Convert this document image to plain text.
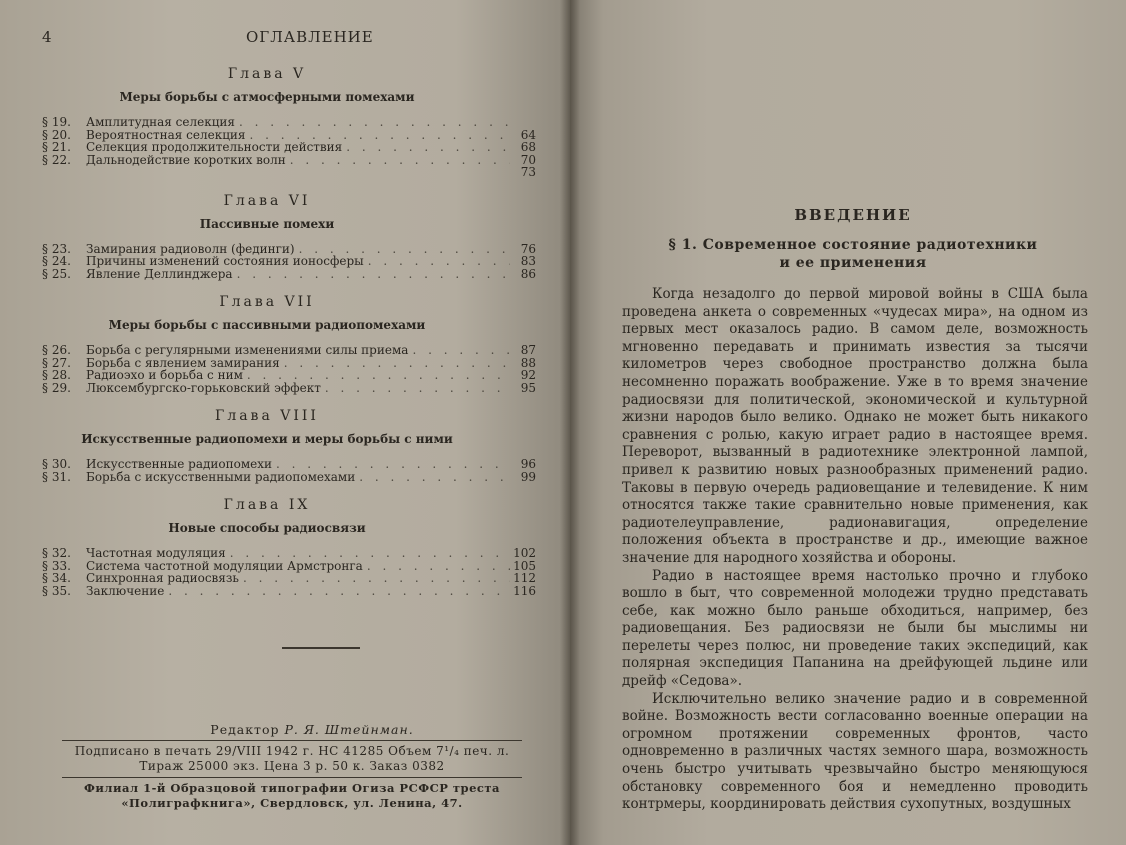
4	ОГЛАВЛЕНИЕ
Глава V
Меры борьбы с атмосферными помехами
§ 19.	Амплитудная селекция
. . .
§ 20.	Вероятностная селекция . . .	64
§ 21.	Селекция продолжительности действия . . .	68
§ 22.	Дальнодействие коротких волн . . .	70
73
Глава VI
Пассивные помехи
§ 23.	Замирания радиоволн (фединги) . . .	76
§ 24.	Причины изменений состояния ионосферы . . .	83
§ 25.	Явление Деллинджера . . .	86
Глава VII
Меры борьбы с пассивными радиопомехами
§ 26.	Борьба с регулярными изменениями силы приема . . .	87
§ 27.	Борьба с явлением замирания . . .	88
§ 28.	Радиоэхо и борьба с ним . . .	92
§ 29.	Люксембургско-горьковский эффект . . .	95
Глава VIII
Искусственные радиопомехи и меры борьбы с ними
§ 30.	Искусственные радиопомехи . . .	96
§ 31.	Борьба с искусственными радиопомехами . . .	99
Глава IX
Новые способы радиосвязи
§ 32.	Частотная модуляция . . .	102
§ 33.	Система частотной модуляции Армстронга . . .	105
§ 34.	Синхронная радиосвязь . . .	112
§ 35.	Заключение . . .	116
Редактор Р. Я. Штейнман.
Подписано в печать 29/VIII 1942 г. НС 41285 Объем 7¹/₄ печ. л.
Тираж 25000 экз. Цена 3 р. 50 к. Заказ 0382
Филиал 1-й Образцовой типографии Огиза РСФСР треста
«Полиграфкнига», Свердловск, ул. Ленина, 47.
ВВЕДЕНИЕ
§ 1. Современное состояние радиотехники
и ее применения

Когда незадолго до первой мировой войны в США была проведена анкета о современных «чудесах мира», на одном из первых мест оказалось радио. В самом деле, возможность мгновенно передавать и принимать известия за тысячи километров через свободное пространство должна была несомненно поражать воображение. Уже в то время значение радиосвязи для политической, экономической и культурной жизни народов было велико. Однако не может быть никакого сравнения с ролью, какую играет радио в настоящее время. Переворот, вызванный в радиотехнике электронной лампой, привел к развитию новых разнообразных применений радио. Таковы в первую очередь радиовещание и телевидение. К ним относятся также такие сравнительно новые применения, как радиотелеуправление, радионавигация, определение положения объекта в пространстве и др., имеющие важное значение для народного хозяйства и обороны.

Радио в настоящее время настолько прочно и глубоко вошло в быт, что современной молодежи трудно представать себе, как можно было раньше обходиться, например, без радиовещания. Без радиосвязи не были бы мыслимы ни перелеты через полюс, ни проведение таких экспедиций, как полярная экспедиция Папанина на дрейфующей льдине или дрейф «Седова».

Исключительно велико значение радио и в современной войне. Возможность вести согласованно военные операции на огромном протяжении современных фронтов, часто одновременно в различных частях земного шара, возможность очень быстро учитывать чрезвычайно быстро меняющуюся обстановку современного боя и немедленно проводить контрмеры, координировать действия сухопутных, воздушных
